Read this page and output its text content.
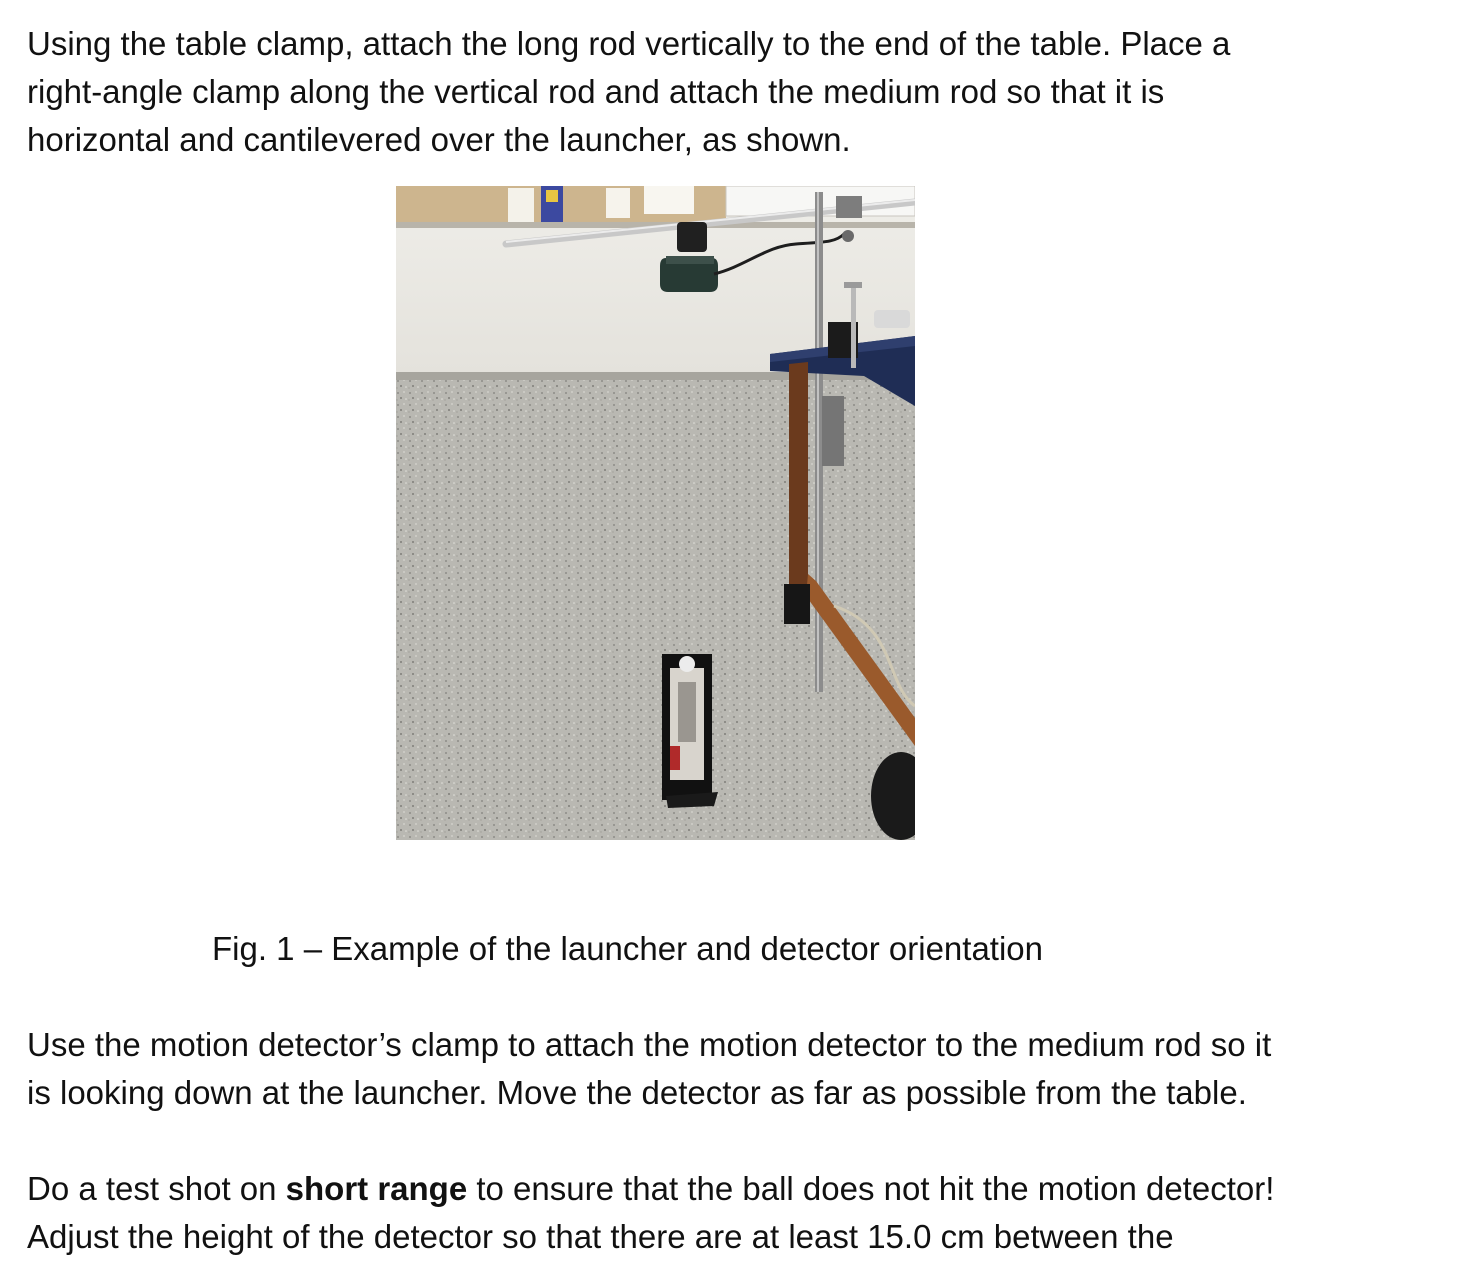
Using the table clamp, attach the long rod vertically to the end of the table. Place a
right-angle clamp along the vertical rod and attach the medium rod so that it is
horizontal and cantilevered over the launcher, as shown.
Fig. 1 – Example of the launcher and detector orientation
Use the motion detector’s clamp to attach the motion detector to the medium rod so it
is looking down at the launcher. Move the detector as far as possible from the table.
Do a test shot on short range to ensure that the ball does not hit the motion detector!
Adjust the height of the detector so that there are at least 15.0 cm between the
